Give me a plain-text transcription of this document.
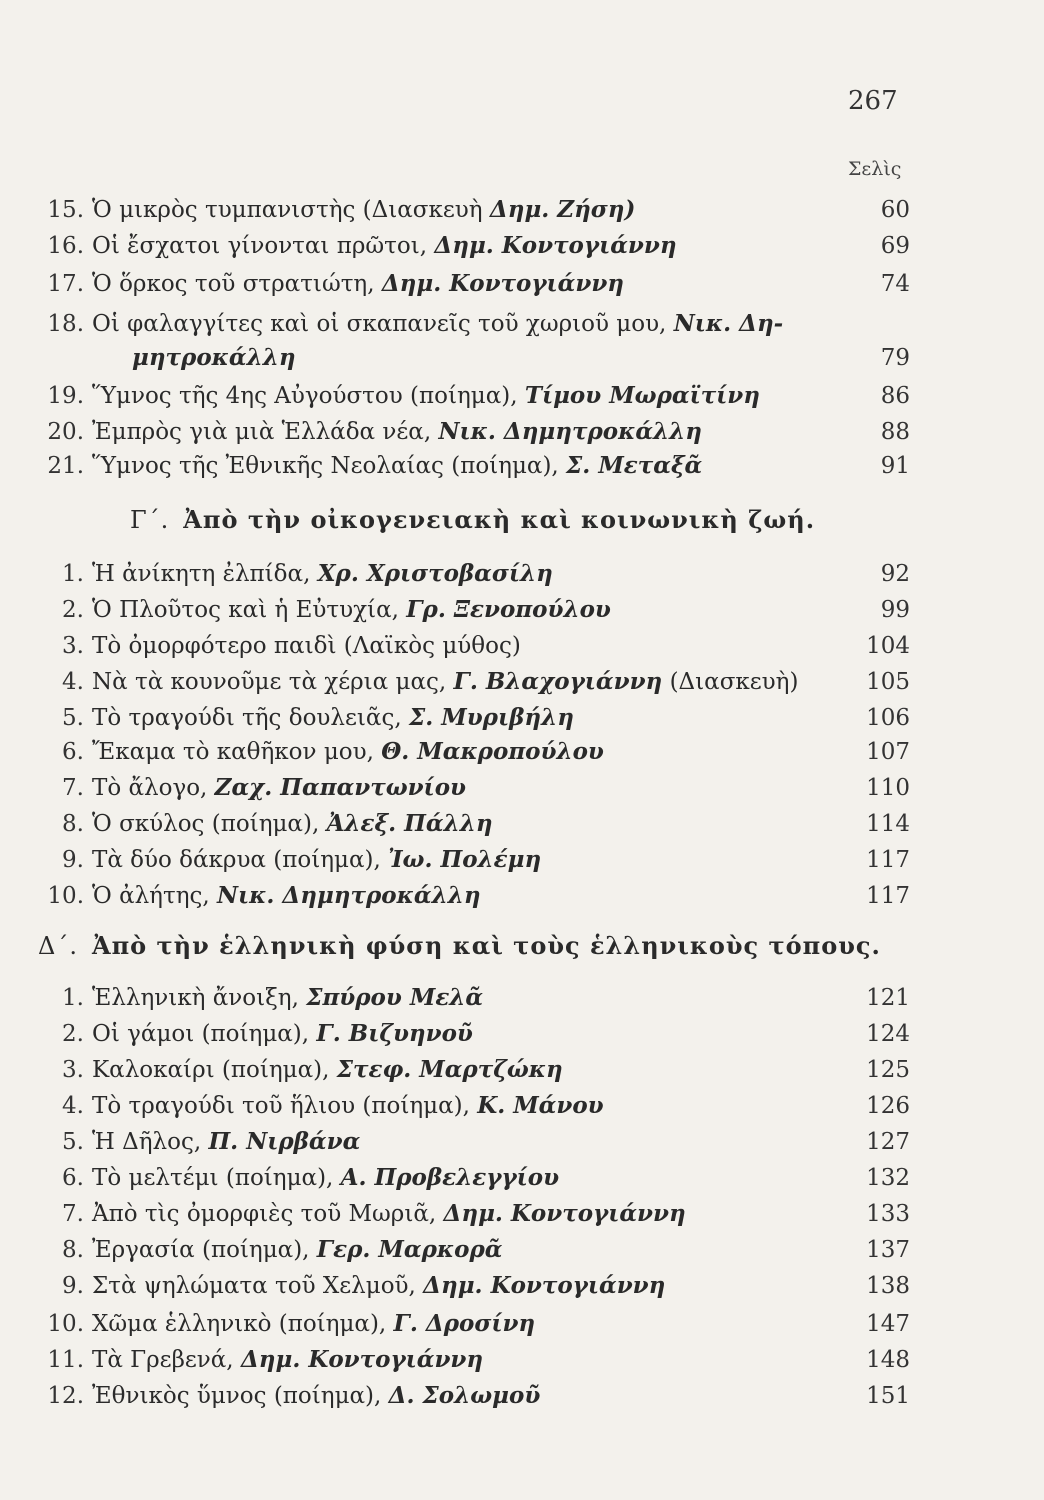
267
Σελὶς
15. Ὁ μικρὸς τυμπανιστὴς (Διασκευὴ Δημ. Ζήση)	60
16. Οἱ ἔσχατοι γίνονται πρῶτοι, Δημ. Κοντογιάννη	69
17. Ὁ ὅρκος τοῦ στρατιώτη, Δημ. Κοντογιάννη	74
18. Οἱ φαλαγγίτες καὶ οἱ σκαπανεῖς τοῦ χωριοῦ μου, Νικ. Δη-
μητροκάλλη	79
19. Ὕμνος τῆς 4ης Αὐγούστου (ποίημα), Τίμου Μωραϊτίνη	86
20. Ἐμπρὸς γιὰ μιὰ Ἑλλάδα νέα, Νικ. Δημητροκάλλη	88
21. Ὕμνος τῆς Ἐθνικῆς Νεολαίας (ποίημα), Σ. Μεταξᾶ	91
Γ΄. Ἀπὸ τὴν οἰκογενειακὴ καὶ κοινωνικὴ ζωή.
1. Ἡ ἀνίκητη ἐλπίδα, Χρ. Χριστοβασίλη	92
2. Ὁ Πλοῦτος καὶ ἡ Εὐτυχία, Γρ. Ξενοπούλου	99
3. Τὸ ὀμορφότερο παιδὶ (Λαϊκὸς μύθος)	104
4. Νὰ τὰ κουνοῦμε τὰ χέρια μας, Γ. Βλαχογιάννη (Διασκευὴ)	105
5. Τὸ τραγούδι τῆς δουλειᾶς, Σ. Μυριβήλη	106
6. Ἔκαμα τὸ καθῆκον μου, Θ. Μακροπούλου	107
7. Τὸ ἄλογο, Ζαχ. Παπαντωνίου	110
8. Ὁ σκύλος (ποίημα), Ἀλεξ. Πάλλη	114
9. Τὰ δύο δάκρυα (ποίημα), Ἰω. Πολέμη	117
10. Ὁ ἀλήτης, Νικ. Δημητροκάλλη	117
Δ΄. Ἀπὸ τὴν ἑλληνικὴ φύση καὶ τοὺς ἑλληνικοὺς τόπους.
1. Ἑλληνικὴ ἄνοιξη, Σπύρου Μελᾶ	121
2. Οἱ γάμοι (ποίημα), Γ. Βιζυηνοῦ	124
3. Καλοκαίρι (ποίημα), Στεφ. Μαρτζώκη	125
4. Τὸ τραγούδι τοῦ ἥλιου (ποίημα), Κ. Μάνου	126
5. Ἡ Δῆλος, Π. Νιρβάνα	127
6. Τὸ μελτέμι (ποίημα), Α. Προβελεγγίου	132
7. Ἀπὸ τὶς ὀμορφιὲς τοῦ Μωριᾶ, Δημ. Κοντογιάννη	133
8. Ἐργασία (ποίημα), Γερ. Μαρκορᾶ	137
9. Στὰ ψηλώματα τοῦ Χελμοῦ, Δημ. Κοντογιάννη	138
10. Χῶμα ἑλληνικὸ (ποίημα), Γ. Δροσίνη	147
11. Τὰ Γρεβενά, Δημ. Κοντογιάννη	148
12. Ἐθνικὸς ὕμνος (ποίημα), Δ. Σολωμοῦ	151
